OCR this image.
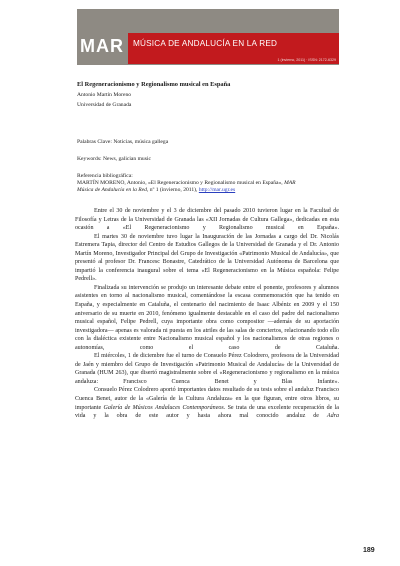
MAR MÚSICA DE ANDALUCÍA EN LA RED
1 (invierno, 2011) · ISSN: 2172-6329
El Regeneracionismo y Regionalismo musical en España
Antonio Martín Moreno
Universidad de Granada
Palabras Clave: Noticias, música gallega
Keywords: News, galician music
Referencia bibliográfica:
MARTÍN MORENO, Antonio, «El Regeneracionismo y Regionalismo musical en España», MAR
Música de Andalucía en la Red, nº 1 (invierno, 2011), http://mar.ugr.es

Entre el 30 de noviembre y el 3 de diciembre del pasado 2010 tuvieron lugar en la Facultad de Filosofía y Letras de la Universidad de Granada las «XII Jornadas de Cultura Gallega», dedicadas en esta ocasión a «El Regeneracionismo y Regionalismo musical en España».

El martes 30 de noviembre tuvo lugar la Inauguración de las Jornadas a cargo del Dr. Nicolás Estremera Tapia, director del Centro de Estudios Gallegos de la Universidad de Granada y el Dr. Antonio Martín Moreno, Investigador Principal del Grupo de Investigación «Patrimonio Musical de Andalucía», que presentó al profesor Dr. Francesc Bonastre, Catedrático de la Universidad Autónoma de Barcelona que impartió la conferencia inaugural sobre el tema «El Regeneracionismo en la Música española: Felipe Pedrell».

Finalizada su intervención se produjo un interesante debate entre el ponente, profesores y alumnos asistentes en torno al nacionalismo musical, comentándose la escasa conmemoración que ha tenido en España, y especialmente en Cataluña, el centenario del nacimiento de Isaac Albéniz en 2009 y el 150 aniversario de su muerte en 2010, fenómeno igualmente destacable en el caso del padre del nacionalismo musical español, Felipe Pedrell, cuya importante obra como compositor —además de su aportación investigadora— apenas es valorada ni puesta en los atriles de las salas de conciertos, relacionando todo ello con la dialéctica existente entre Nacionalismo musical español y los nacionalismos de otras regiones o autonomías, como el caso de Cataluña.

El miércoles, 1 de diciembre fue el turno de Consuelo Pérez Colodrero, profesora de la Universidad de Jaén y miembro del Grupo de Investigación «Patrimonio Musical de Andalucía» de la Universidad de Granada (HUM 263), que disertó magistralmente sobre el «Regeneracionismo y regionalismo en la música andaluza: Francisco Cuenca Benet y Blas Infante».

Consuelo Pérez Colodrero aportó importantes datos resultado de su tesis sobre el andaluz Francisco Cuenca Benet, autor de la «Galería de la Cultura Andaluza» en la que figuran, entre otros libros, su importante Galería de Músicos Andaluces Contemporáneos. Se trata de una excelente recuperación de la vida y la obra de este autor y hasta ahora mal conocido andaluz de Adra

189
